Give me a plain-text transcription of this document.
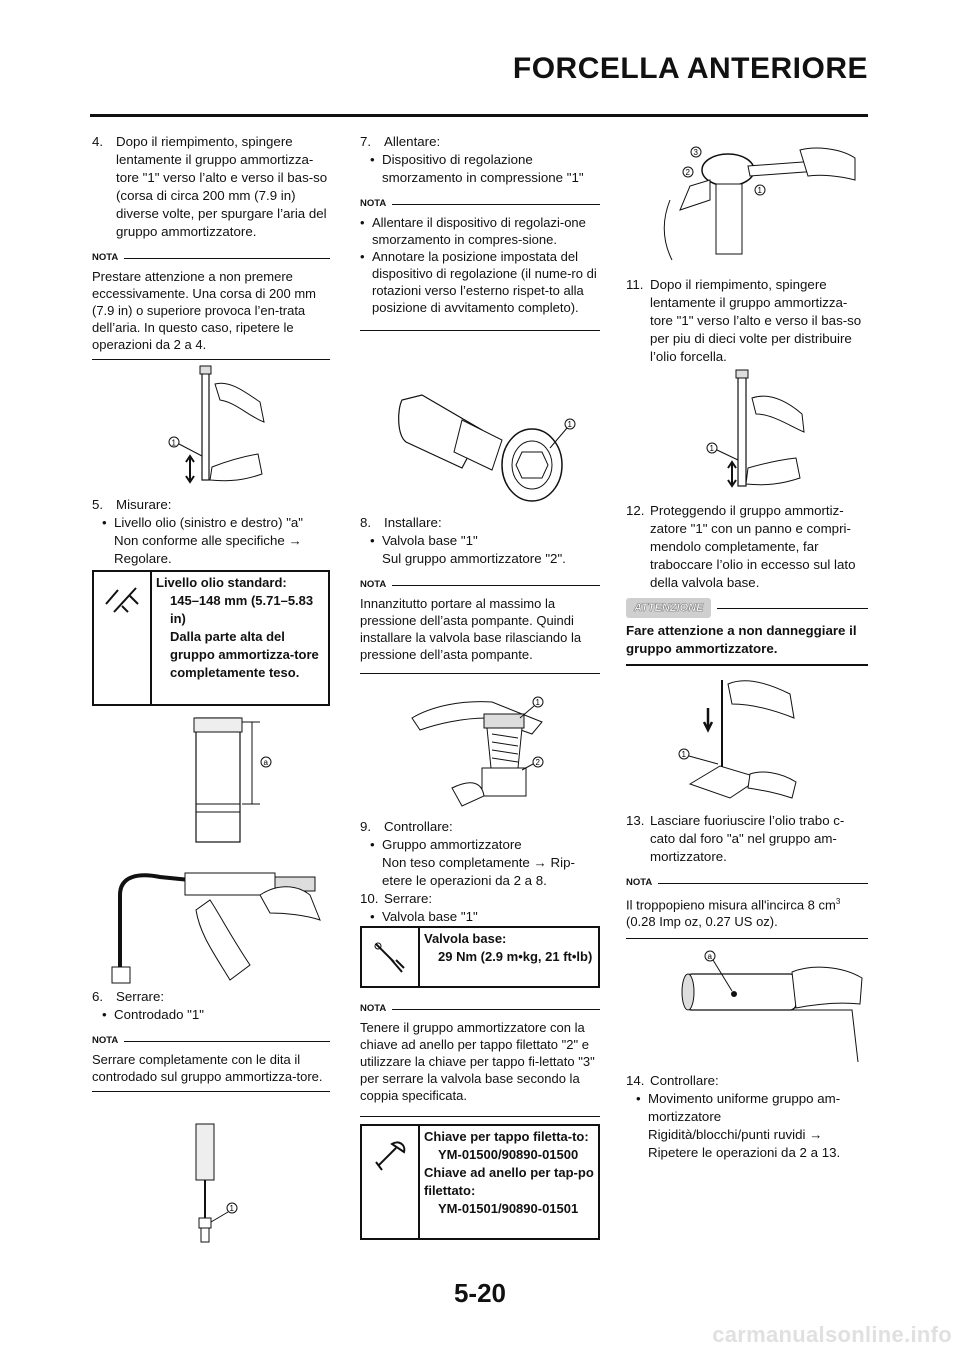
FORCELLA ANTERIORE

4. Dopo il riempimento, spingere lentamente il gruppo ammortizza-tore "1" verso l’alto e verso il bas-so (corsa di circa 200 mm (7.9 in) diverse volte, per spurgare l’aria del gruppo ammortizzatore.

NOTA

Prestare attenzione a non premere eccessivamente. Una corsa di 200 mm (7.9 in) o superiore provoca l’en-trata dell’aria. In questo caso, ripetere le operazioni da 2 a 4.

1

5. Misurare:

• Livello olio (sinistro e destro) "a"

Non conforme alle specifiche →
Regolare.

Livello olio standard:
145–148 mm (5.71–5.83 in)
Dalla parte alta del gruppo ammortizza-tore completamente teso.
a

6. Serrare:

• Controdado "1"

NOTA

Serrare completamente con le dita il controdado sul gruppo ammortizza-tore.

1

7. Allentare:

• Dispositivo di regolazione smorzamento in compressione "1"

NOTA

• Allentare il dispositivo di regolazi-one smorzamento in compres-sione.

• Annotare la posizione impostata del dispositivo di regolazione (il nume-ro di rotazioni verso l’esterno rispet-to alla posizione di avvitamento completo).

1

8. Installare:

• Valvola base "1"

Sul gruppo ammortizzatore "2".

NOTA

Innanzitutto portare al massimo la pressione dell’asta pompante. Quindi installare la valvola base rilasciando la pressione dell’asta pompante.

1
2

9. Controllare:

• Gruppo ammortizzatore

Non teso completamente → Rip-etere le operazioni da 2 a 8.

10. Serrare:

• Valvola base "1"

Valvola base:
29 Nm (2.9 m•kg, 21 ft•lb)
NOTA

Tenere il gruppo ammortizzatore con la chiave ad anello per tappo filettato "2" e utilizzare la chiave per tappo fi-lettato "3" per serrare la valvola base secondo la coppia specificata.

Chiave per tappo filetta-to:
YM-01500/90890-01500
Chiave ad anello per tap-po filettato:
YM-01501/90890-01501
3
2
1

11. Dopo il riempimento, spingere lentamente il gruppo ammortizza-tore "1" verso l’alto e verso il bas-so per piu di dieci volte per distribuire l’olio forcella.

1

12. Proteggendo il gruppo ammortiz-zatore "1" con un panno e compri-mendolo completamente, far traboccare l’olio in eccesso sul lato della valvola base.

ATTENZIONE
Fare attenzione a non danneggiare il gruppo ammortizzatore.
1

13. Lasciare fuoriuscire l’olio trabo c-cato dal foro "a" nel gruppo am-mortizzatore.

NOTA

Il troppopieno misura all'incirca 8 $cm^3$
(0.28 Imp oz, 0.27 US oz).

a

14. Controllare:

• Movimento uniforme gruppo am-mortizzatore

Rigidità/blocchi/punti ruvidi →
Ripetere le operazioni da 2 a 13.

5-20
carmanualsonline.info
